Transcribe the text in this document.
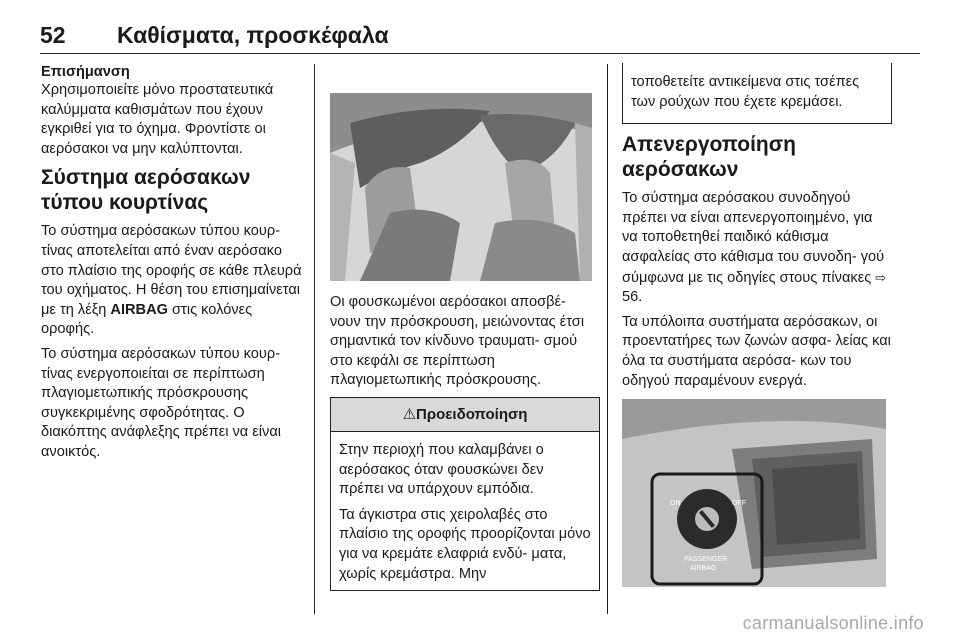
52 Καθίσματα, προσκέφαλα
Επισήμανση

Χρησιμοποιείτε μόνο προστατευτικά καλύμματα καθισμάτων που έχουν εγκριθεί για το όχημα. Φροντίστε οι αερόσακοι να μην καλύπτονται.

Σύστημα αερόσακων τύπου κουρτίνας

Το σύστημα αερόσακων τύπου κουρ‐ τίνας αποτελείται από έναν αερόσακο στο πλαίσιο της οροφής σε κάθε πλευρά του οχήματος. Η θέση του επισημαίνεται με τη λέξη AIRBAG στις κολόνες οροφής.

Το σύστημα αερόσακων τύπου κουρ‐ τίνας ενεργοποιείται σε περίπτωση πλαγιομετωπικής πρόσκρουσης συγκεκριμένης σφοδρότητας. Ο διακόπτης ανάφλεξης πρέπει να είναι ανοικτός.

Οι φουσκωμένοι αερόσακοι αποσβέ‐ νουν την πρόσκρουση, μειώνοντας έτσι σημαντικά τον κίνδυνο τραυματι‐ σμού στο κεφάλι σε περίπτωση πλαγιομετωπικής πρόσκρουσης.

⚠ Προειδοποίηση

Στην περιοχή που καλαμβάνει ο αερόσακος όταν φουσκώνει δεν πρέπει να υπάρχουν εμπόδια.

Τα άγκιστρα στις χειρολαβές στο πλαίσιο της οροφής προορίζονται μόνο για να κρεμάτε ελαφριά ενδύ‐ ματα, χωρίς κρεμάστρα. Μην

τοποθετείτε αντικείμενα στις τσέπες των ρούχων που έχετε κρεμάσει.

Απενεργοποίηση αερόσακων

Το σύστημα αερόσακου συνοδηγού πρέπει να είναι απενεργοποιημένο, για να τοποθετηθεί παιδικό κάθισμα ασφαλείας στο κάθισμα του συνοδη‐ γού σύμφωνα με τις οδηγίες στους πίνακες ⇨ 56.

Τα υπόλοιπα συστήματα αερόσακων, οι προεντατήρες των ζωνών ασφα‐ λείας και όλα τα συστήματα αερόσα‐ κων του οδηγού παραμένουν ενεργά.

ON	OFF
PASSENGER
AIRBAG
carmanualsonline.info
